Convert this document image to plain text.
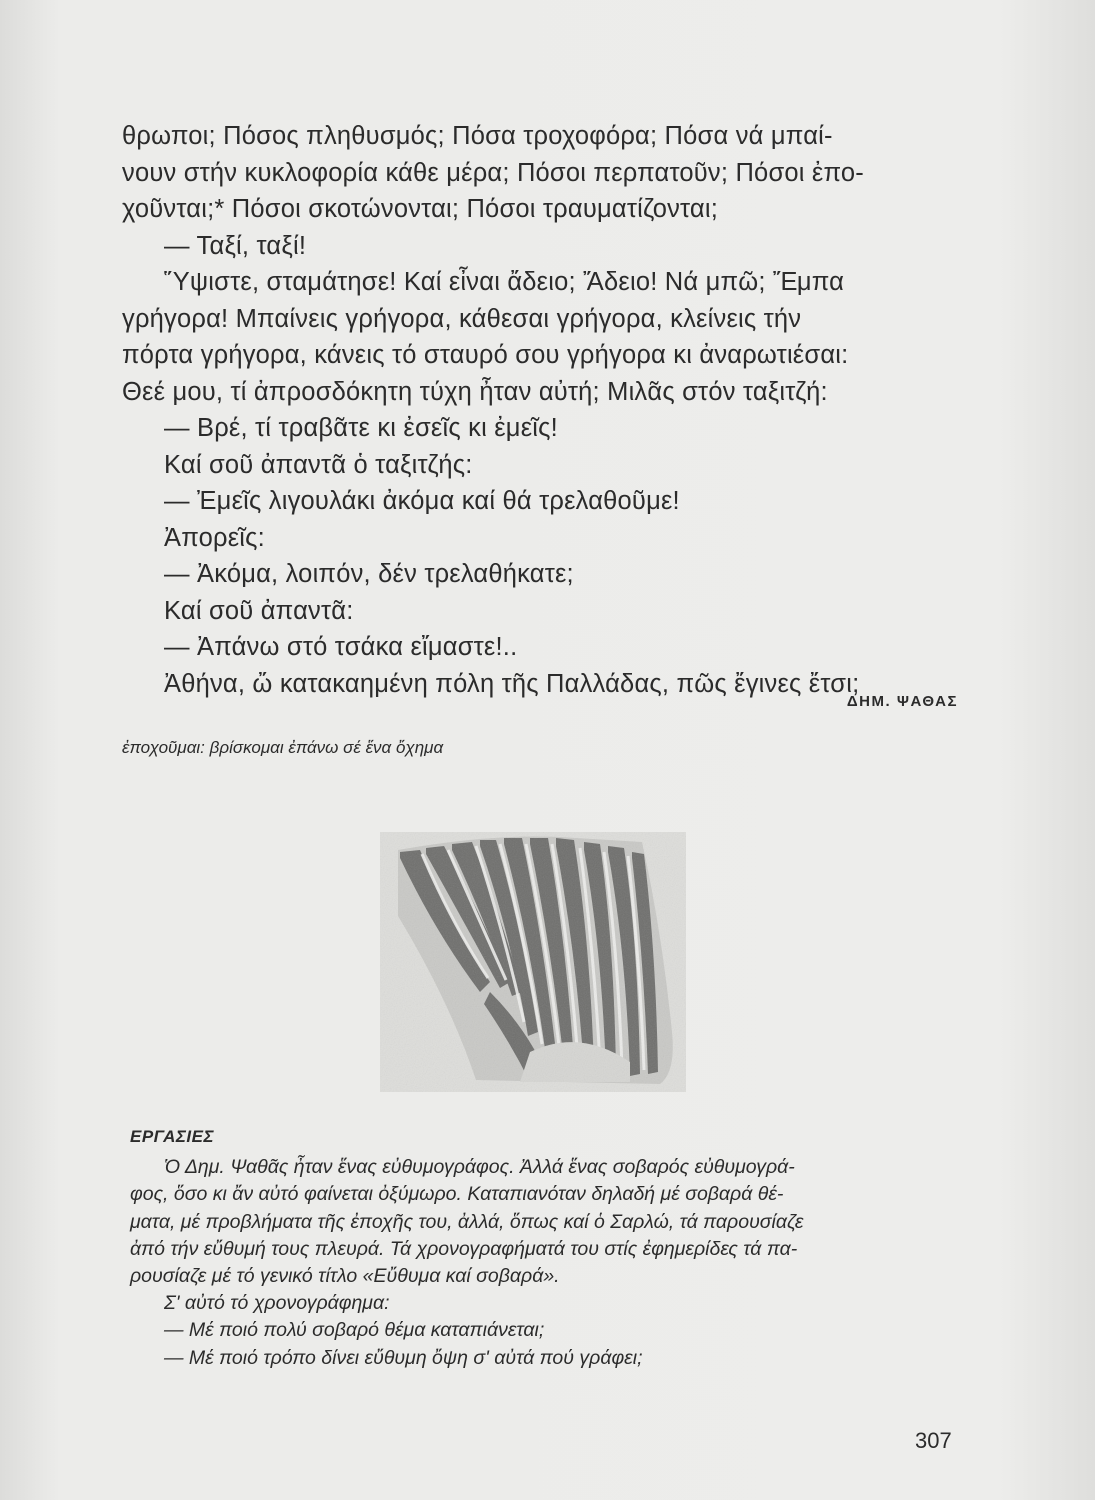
θρωποι; Πόσος πληθυσμός; Πόσα τροχοφόρα; Πόσα νά μπαί-
νουν στήν κυκλοφορία κάθε μέρα; Πόσοι περπατοῦν; Πόσοι ἐπο-
χοῦνται;* Πόσοι σκοτώνονται; Πόσοι τραυματίζονται;
— Ταξί, ταξί!
Ὕψιστε, σταμάτησε! Καί εἶναι ἄδειο; Ἄδειο! Νά μπῶ; Ἔμπα
γρήγορα! Μπαίνεις γρήγορα, κάθεσαι γρήγορα, κλείνεις τήν
πόρτα γρήγορα, κάνεις τό σταυρό σου γρήγορα κι ἀναρωτιέσαι:
Θεέ μου, τί ἀπροσδόκητη τύχη ἦταν αὐτή; Μιλᾶς στόν ταξιτζή:
— Βρέ, τί τραβᾶτε κι ἐσεῖς κι ἐμεῖς!
Καί σοῦ ἀπαντᾶ ὁ ταξιτζής:
— Ἐμεῖς λιγουλάκι ἀκόμα καί θά τρελαθοῦμε!
Ἀπορεῖς:
— Ἀκόμα, λοιπόν, δέν τρελαθήκατε;
Καί σοῦ ἀπαντᾶ:
— Ἀπάνω στό τσάκα εἴμαστε!..
Ἀθήνα, ὤ κατακαημένη πόλη τῆς Παλλάδας, πῶς ἔγινες ἔτσι;
ΔΗΜ. ΨΑΘΑΣ
ἐποχοῦμαι: βρίσκομαι ἐπάνω σέ ἕνα ὄχημα
ΕΡΓΑΣΙΕΣ
Ὁ Δημ. Ψαθᾶς ἦταν ἕνας εὐθυμογράφος. Ἀλλά ἕνας σοβαρός εὐθυμογρά-
φος, ὅσο κι ἄν αὐτό φαίνεται ὀξύμωρο. Καταπιανόταν δηλαδή μέ σοβαρά θέ-
ματα, μέ προβλήματα τῆς ἐποχῆς του, ἀλλά, ὅπως καί ὁ Σαρλώ, τά παρουσίαζε
ἀπό τήν εὔθυμή τους πλευρά. Τά χρονογραφήματά του στίς ἐφημερίδες τά πα-
ρουσίαζε μέ τό γενικό τίτλο «Εὔθυμα καί σοβαρά».
Σ' αὐτό τό χρονογράφημα:
— Μέ ποιό πολύ σοβαρό θέμα καταπιάνεται;
— Μέ ποιό τρόπο δίνει εὔθυμη ὄψη σ' αὐτά πού γράφει;
307
